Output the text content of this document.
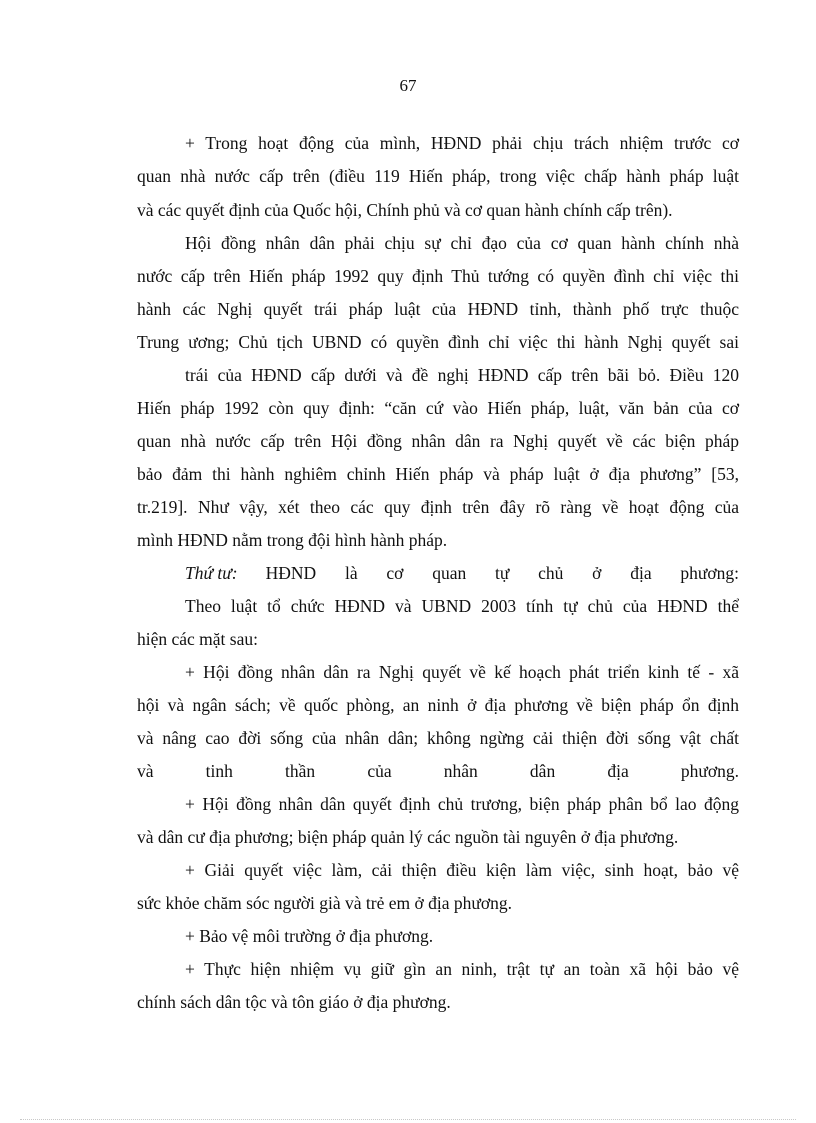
67
+ Trong hoạt động của mình, HĐND phải chịu trách nhiệm trước cơ
quan nhà nước cấp trên (điều 119 Hiến pháp, trong việc chấp hành pháp luật
và các quyết định của Quốc hội, Chính phủ và cơ quan hành chính cấp trên).
Hội đồng nhân dân phải chịu sự chỉ đạo của cơ quan hành chính nhà
nước cấp trên Hiến pháp 1992 quy định Thủ tướng có quyền đình chỉ việc thi
hành các Nghị quyết trái pháp luật của HĐND tỉnh, thành phố trực thuộc
Trung ương; Chủ tịch UBND có quyền đình chỉ việc thi hành Nghị quyết sai
trái của HĐND cấp dưới và đề nghị HĐND cấp trên bãi bỏ. Điều 120
Hiến pháp 1992 còn quy định: “căn cứ vào Hiến pháp, luật, văn bản của cơ
quan nhà nước cấp trên Hội đồng nhân dân ra Nghị quyết về các biện pháp
bảo đảm thi hành nghiêm chỉnh Hiến pháp và pháp luật ở địa phương” [53,
tr.219]. Như vậy, xét theo các quy định trên đây rõ ràng về hoạt động của
mình HĐND nằm trong đội hình hành pháp.
Thứ tư: HĐND là cơ quan tự chủ ở địa phương:
Theo luật tổ chức HĐND và UBND 2003 tính tự chủ của HĐND thể
hiện các mặt sau:
+ Hội đồng nhân dân ra Nghị quyết về kế hoạch phát triển kinh tế - xã
hội và ngân sách; về quốc phòng, an ninh ở địa phương về biện pháp ổn định
và nâng cao đời sống của nhân dân; không ngừng cải thiện đời sống vật chất
và tinh thần của nhân dân địa phương.
+ Hội đồng nhân dân quyết định chủ trương, biện pháp phân bổ lao động
và dân cư địa phương; biện pháp quản lý các nguồn tài nguyên ở địa phương.
+ Giải quyết việc làm, cải thiện điều kiện làm việc, sinh hoạt, bảo vệ
sức khỏe chăm sóc người già và trẻ em ở địa phương.
+ Bảo vệ môi trường ở địa phương.
+ Thực hiện nhiệm vụ giữ gìn an ninh, trật tự an toàn xã hội bảo vệ
chính sách dân tộc và tôn giáo ở địa phương.
